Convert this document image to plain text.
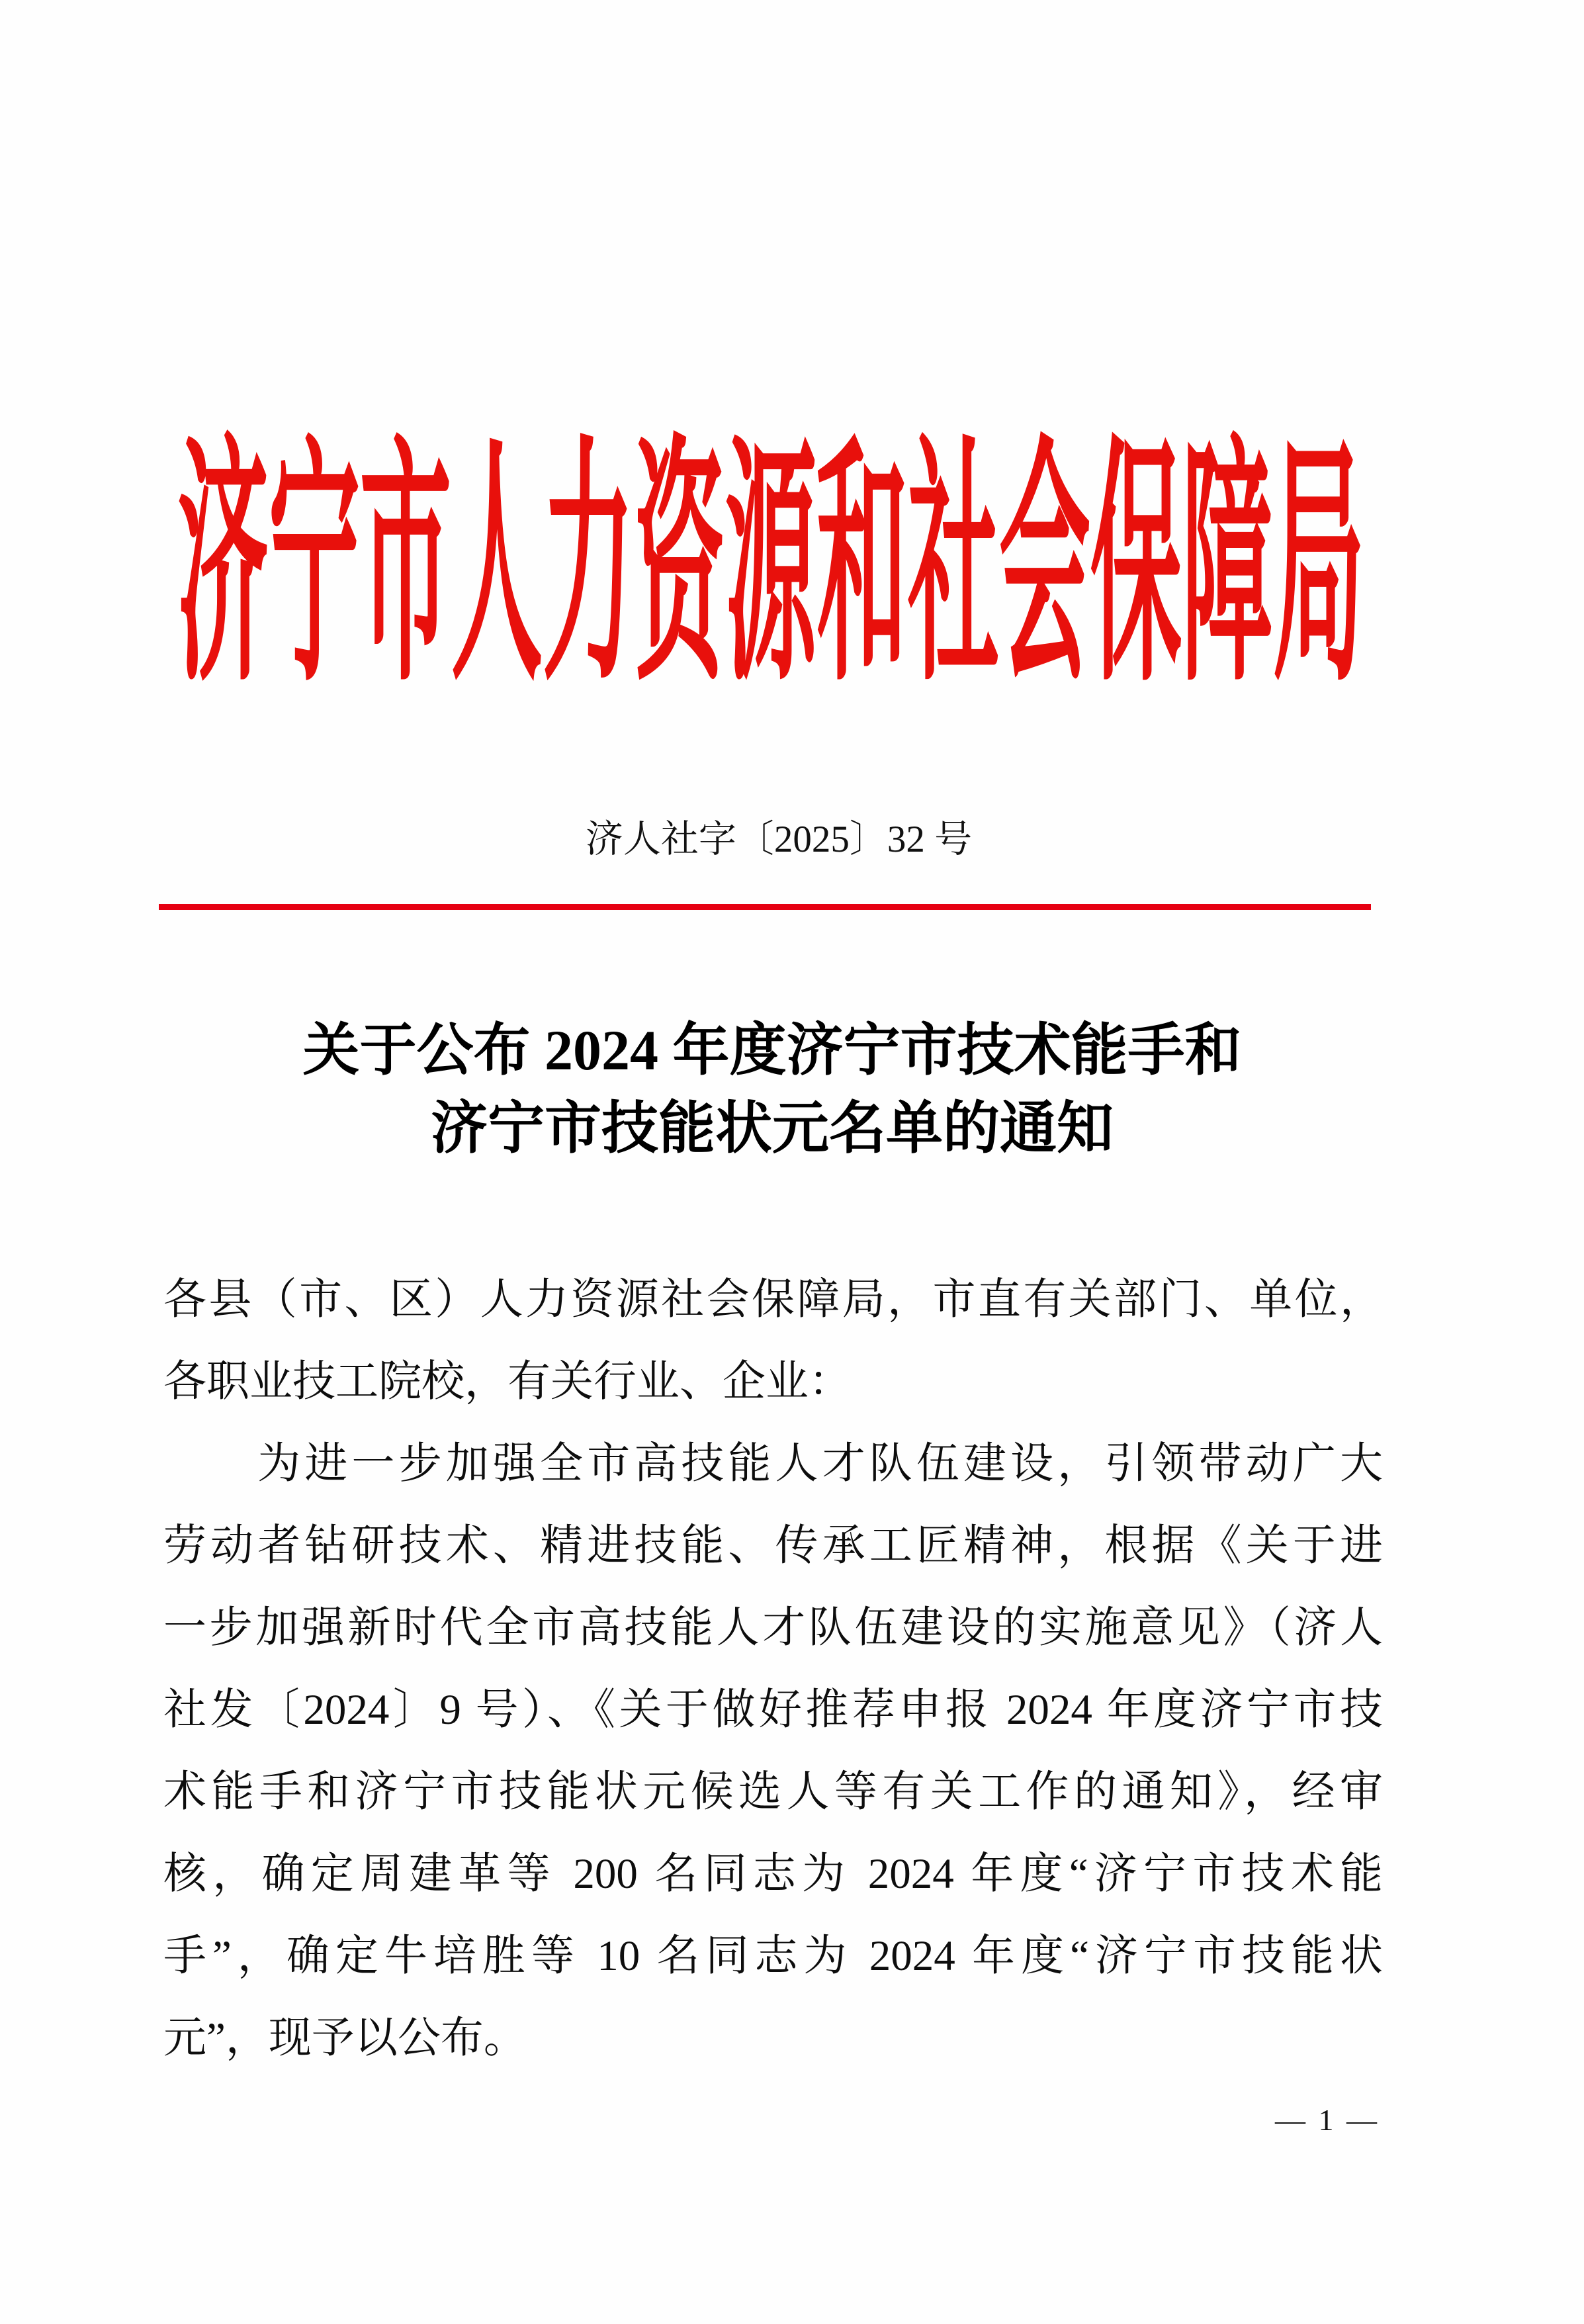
济宁市人力资源和社会保障局
济人社字〔2025〕32 号
关于公布 2024 年度济宁市技术能手和
济宁市技能状元名单的通知
各县（市、区）人力资源社会保障局，市直有关部门、单位，
各职业技工院校，有关行业、企业：
　　为进一步加强全市高技能人才队伍建设，引领带动广大
劳动者钻研技术、精进技能、传承工匠精神，根据《关于进
一步加强新时代全市高技能人才队伍建设的实施意见》（济人
社发〔2024〕9 号）、《关于做好推荐申报 2024 年度济宁市技
术能手和济宁市技能状元候选人等有关工作的通知》，经审
核，确定周建革等 200 名同志为 2024 年度“济宁市技术能
手”，确定牛培胜等 10 名同志为 2024 年度“济宁市技能状
元”，现予以公布。
— 1 —
